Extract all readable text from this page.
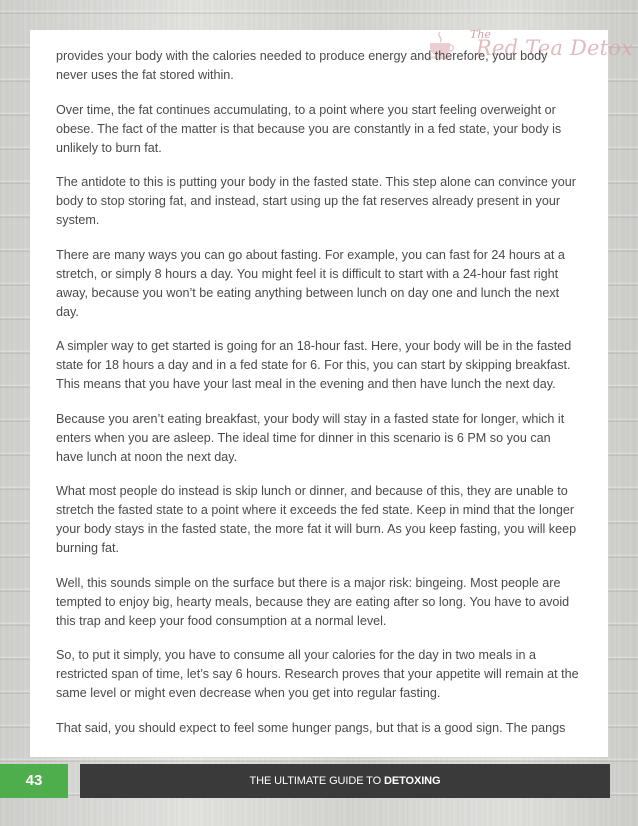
The
Red Tea Detox

provides your body with the calories needed to produce energy and therefore, your body never uses the fat stored within.

Over time, the fat continues accumulating, to a point where you start feeling overweight or obese. The fact of the matter is that because you are constantly in a fed state, your body is unlikely to burn fat.

The antidote to this is putting your body in the fasted state. This step alone can convince your body to stop storing fat, and instead, start using up the fat reserves already present in your system.

There are many ways you can go about fasting. For example, you can fast for 24 hours at a stretch, or simply 8 hours a day. You might feel it is difficult to start with a 24-hour fast right away, because you won’t be eating anything between lunch on day one and lunch the next day.

A simpler way to get started is going for an 18-hour fast. Here, your body will be in the fasted state for 18 hours a day and in a fed state for 6. For this, you can start by skipping breakfast. This means that you have your last meal in the evening and then have lunch the next day.

Because you aren’t eating breakfast, your body will stay in a fasted state for longer, which it enters when you are asleep. The ideal time for dinner in this scenario is 6 PM so you can have lunch at noon the next day.

What most people do instead is skip lunch or dinner, and because of this, they are unable to stretch the fasted state to a point where it exceeds the fed state. Keep in mind that the longer your body stays in the fasted state, the more fat it will burn. As you keep fasting, you will keep burning fat.

Well, this sounds simple on the surface but there is a major risk: bingeing. Most people are tempted to enjoy big, hearty meals, because they are eating after so long. You have to avoid this trap and keep your food consumption at a normal level.

So, to put it simply, you have to consume all your calories for the day in two meals in a restricted span of time, let’s say 6 hours. Research proves that your appetite will remain at the same level or might even decrease when you get into regular fasting.

That said, you should expect to feel some hunger pangs, but that is a good sign. The pangs

43	THE ULTIMATE GUIDE TO DETOXING
